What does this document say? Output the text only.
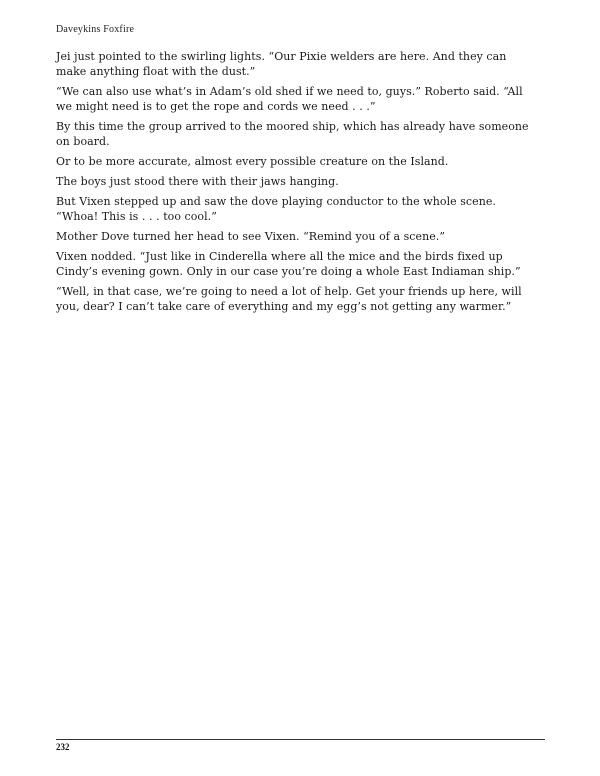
Daveykins Foxfire

Jei just pointed to the swirling lights. “Our Pixie welders are here. And they can
make anything float with the dust.”

“We can also use what’s in Adam’s old shed if we need to, guys.” Roberto said. “All
we might need is to get the rope and cords we need . . .”

By this time the group arrived to the moored ship, which has already have someone
on board.

Or to be more accurate, almost every possible creature on the Island.

The boys just stood there with their jaws hanging.

But Vixen stepped up and saw the dove playing conductor to the whole scene.
“Whoa! This is . . . too cool.”

Mother Dove turned her head to see Vixen. “Remind you of a scene.”

Vixen nodded. “Just like in Cinderella where all the mice and the birds fixed up
Cindy’s evening gown. Only in our case you’re doing a whole East Indiaman ship.”

“Well, in that case, we’re going to need a lot of help. Get your friends up here, will
you, dear? I can’t take care of everything and my egg’s not getting any warmer.”

232
